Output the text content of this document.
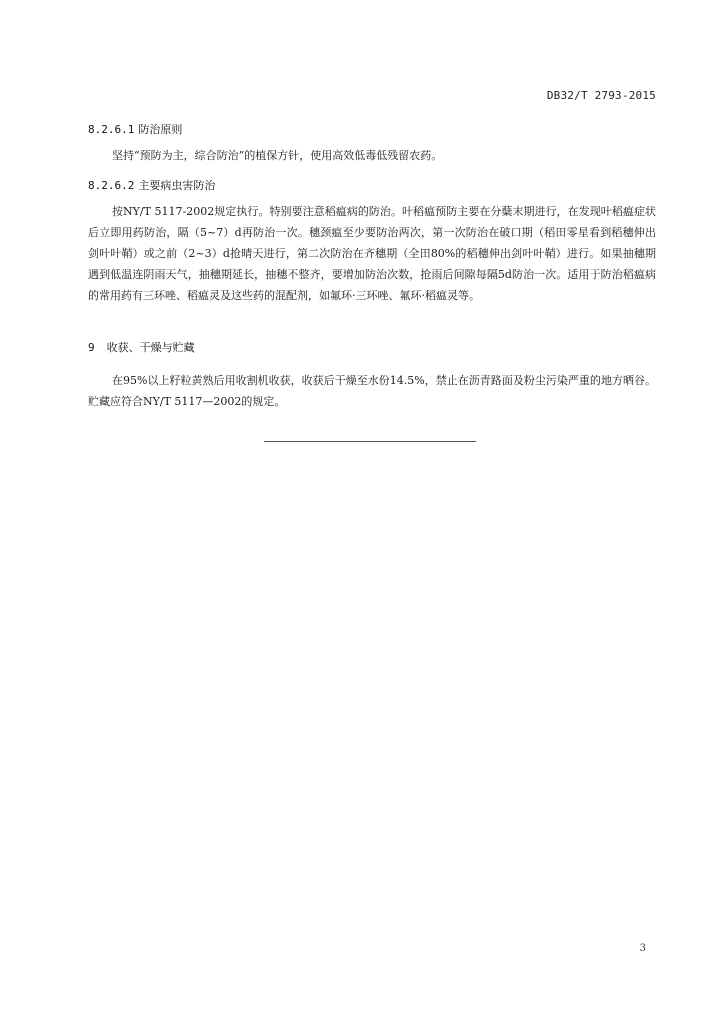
DB32/T 2793-2015
8.2.6.1 防治原则
坚持“预防为主，综合防治”的植保方针，使用高效低毒低残留农药。
8.2.6.2 主要病虫害防治
按NY/T 5117-2002规定执行。特别要注意稻瘟病的防治。叶稻瘟预防主要在分蘖末期进行，在发现叶稻瘟症状后立即用药防治，隔（5~7）d再防治一次。穗颈瘟至少要防治两次，第一次防治在破口期（稻田零星看到稻穗伸出剑叶叶鞘）或之前（2~3）d抢晴天进行，第二次防治在齐穗期（全田80%的稻穗伸出剑叶叶鞘）进行。如果抽穗期遇到低温连阴雨天气，抽穗期延长，抽穗不整齐，要增加防治次数，抢雨后间隙每隔5d防治一次。适用于防治稻瘟病的常用药有三环唑、稻瘟灵及这些药的混配剂，如氟环·三环唑、氟环·稻瘟灵等。
9 收获、干燥与贮藏
在95%以上籽粒黄熟后用收割机收获，收获后干燥至水份14.5%，禁止在沥青路面及粉尘污染严重的地方晒谷。贮藏应符合NY/T 5117—2002的规定。
3
